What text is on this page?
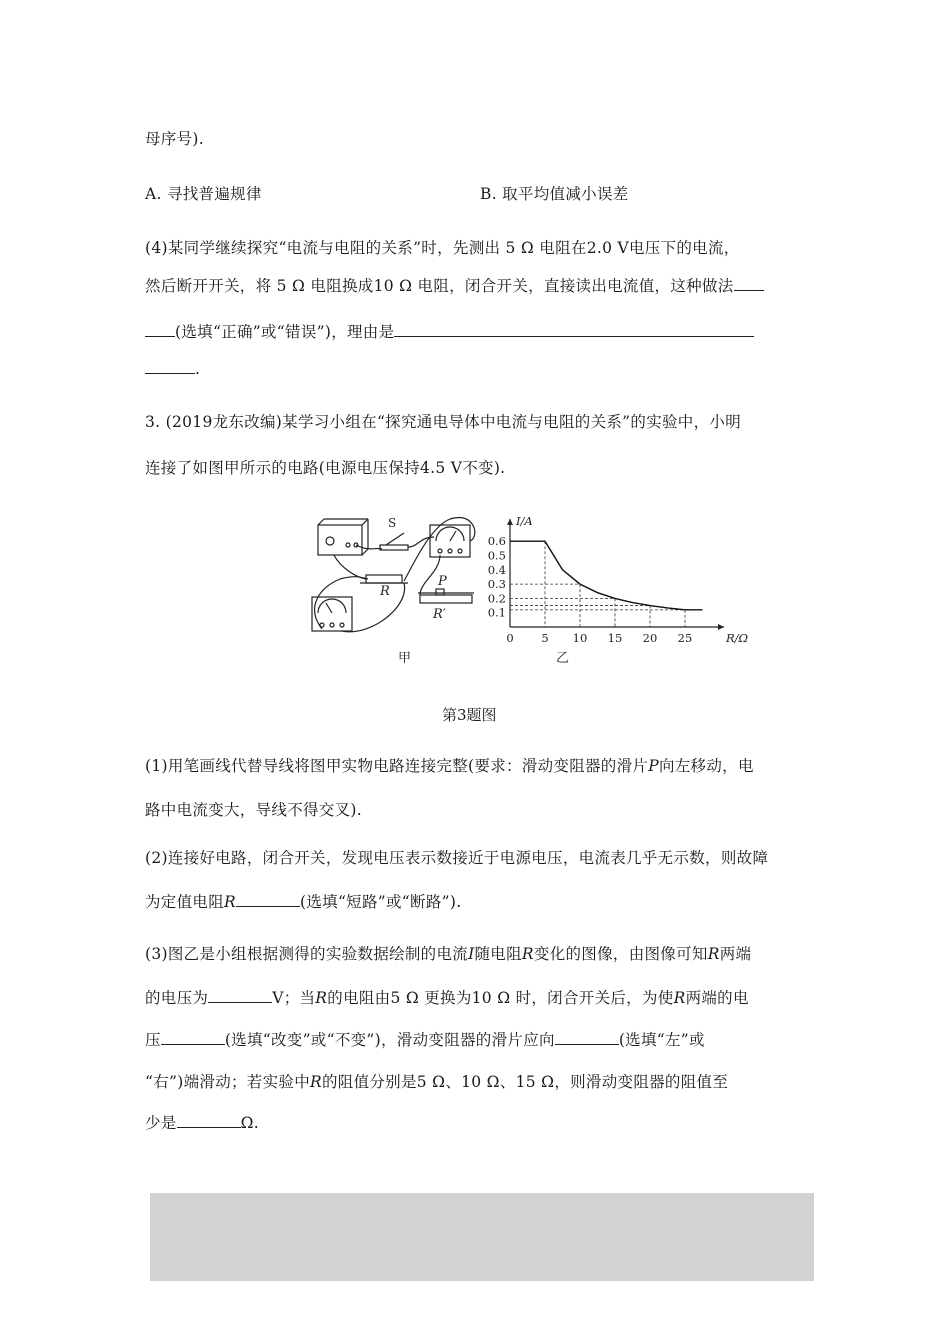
母序号).
A. 寻找普遍规律	B. 取平均值减小误差
(4)某同学继续探究“电流与电阻的关系”时，先测出 5 Ω 电阻在2.0 V电压下的电流，
然后断开开关，将 5 Ω 电阻换成10 Ω 电阻，闭合开关，直接读出电流值，这种做法
(选填“正确”或“错误”)，理由是
.
3. (2019龙东改编)某学习小组在“探究通电导体中电流与电阻的关系”的实验中，小明
连接了如图甲所示的电路(电源电压保持4.5 V不变).
S
R
P
R′
甲
0.1
0.2
0.3
0.4
0.5
0.6
0 5 10 15 20 25	R/Ω
I/A
乙
第3题图
(1)用笔画线代替导线将图甲实物电路连接完整(要求：滑动变阻器的滑片P向左移动，电
路中电流变大，导线不得交叉).
(2)连接好电路，闭合开关，发现电压表示数接近于电源电压，电流表几乎无示数，则故障
为定值电阻R	(选填“短路”或“断路”).
(3)图乙是小组根据测得的实验数据绘制的电流I随电阻R变化的图像，由图像可知R两端
的电压为	V；当R的电阻由5 Ω 更换为10 Ω 时，闭合开关后，为使R两端的电
压	(选填“改变”或“不变”)，滑动变阻器的滑片应向	(选填“左”或
“右”)端滑动；若实验中R的阻值分别是5 Ω、10 Ω、15 Ω，则滑动变阻器的阻值至
少是	Ω.
